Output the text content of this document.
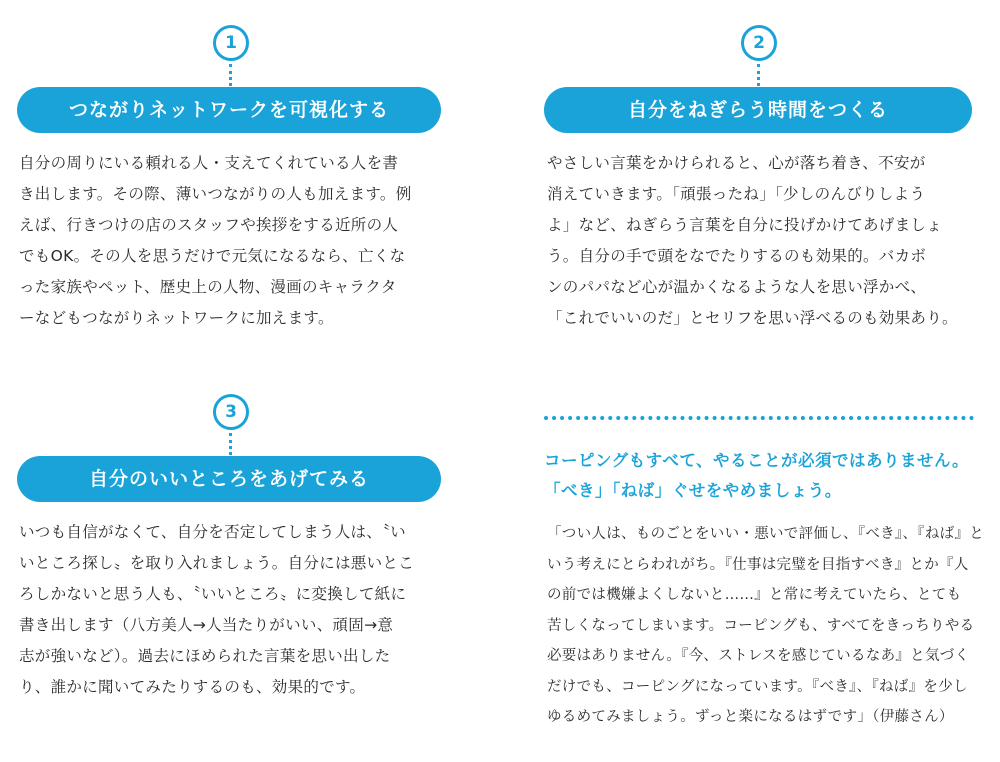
1
つながりネットワークを可視化する
自分の周りにいる頼れる人・支えてくれている人を書
き出します。その際、薄いつながりの人も加えます。例
えば、行きつけの店のスタッフや挨拶をする近所の人
でもOK。その人を思うだけで元気になるなら、亡くな
った家族やペット、歴史上の人物、漫画のキャラクタ
ーなどもつながりネットワークに加えます。
2
自分をねぎらう時間をつくる
やさしい言葉をかけられると、心が落ち着き、不安が
消えていきます。「頑張ったね」「少しのんびりしよう
よ」など、ねぎらう言葉を自分に投げかけてあげましょ
う。自分の手で頭をなでたりするのも効果的。バカボ
ンのパパなど心が温かくなるような人を思い浮かべ、
「これでいいのだ」とセリフを思い浮べるのも効果あり。
3
自分のいいところをあげてみる
いつも自信がなくて、自分を否定してしまう人は、〝い
いところ探し〟を取り入れましょう。自分には悪いとこ
ろしかないと思う人も、〝いいところ〟に変換して紙に
書き出します（八方美人→人当たりがいい、頑固→意
志が強いなど）。過去にほめられた言葉を思い出した
り、誰かに聞いてみたりするのも、効果的です。
コーピングもすべて、やることが必須ではありません。
「べき」「ねば」ぐせをやめましょう。
「つい人は、ものごとをいい・悪いで評価し、『べき』、『ねば』と
いう考えにとらわれがち。『仕事は完璧を目指すべき』とか『人
の前では機嫌よくしないと……』と常に考えていたら、とても
苦しくなってしまいます。コーピングも、すべてをきっちりやる
必要はありません。『今、ストレスを感じているなあ』と気づく
だけでも、コーピングになっています。『べき』、『ねば』を少し
ゆるめてみましょう。ずっと楽になるはずです」（伊藤さん）
